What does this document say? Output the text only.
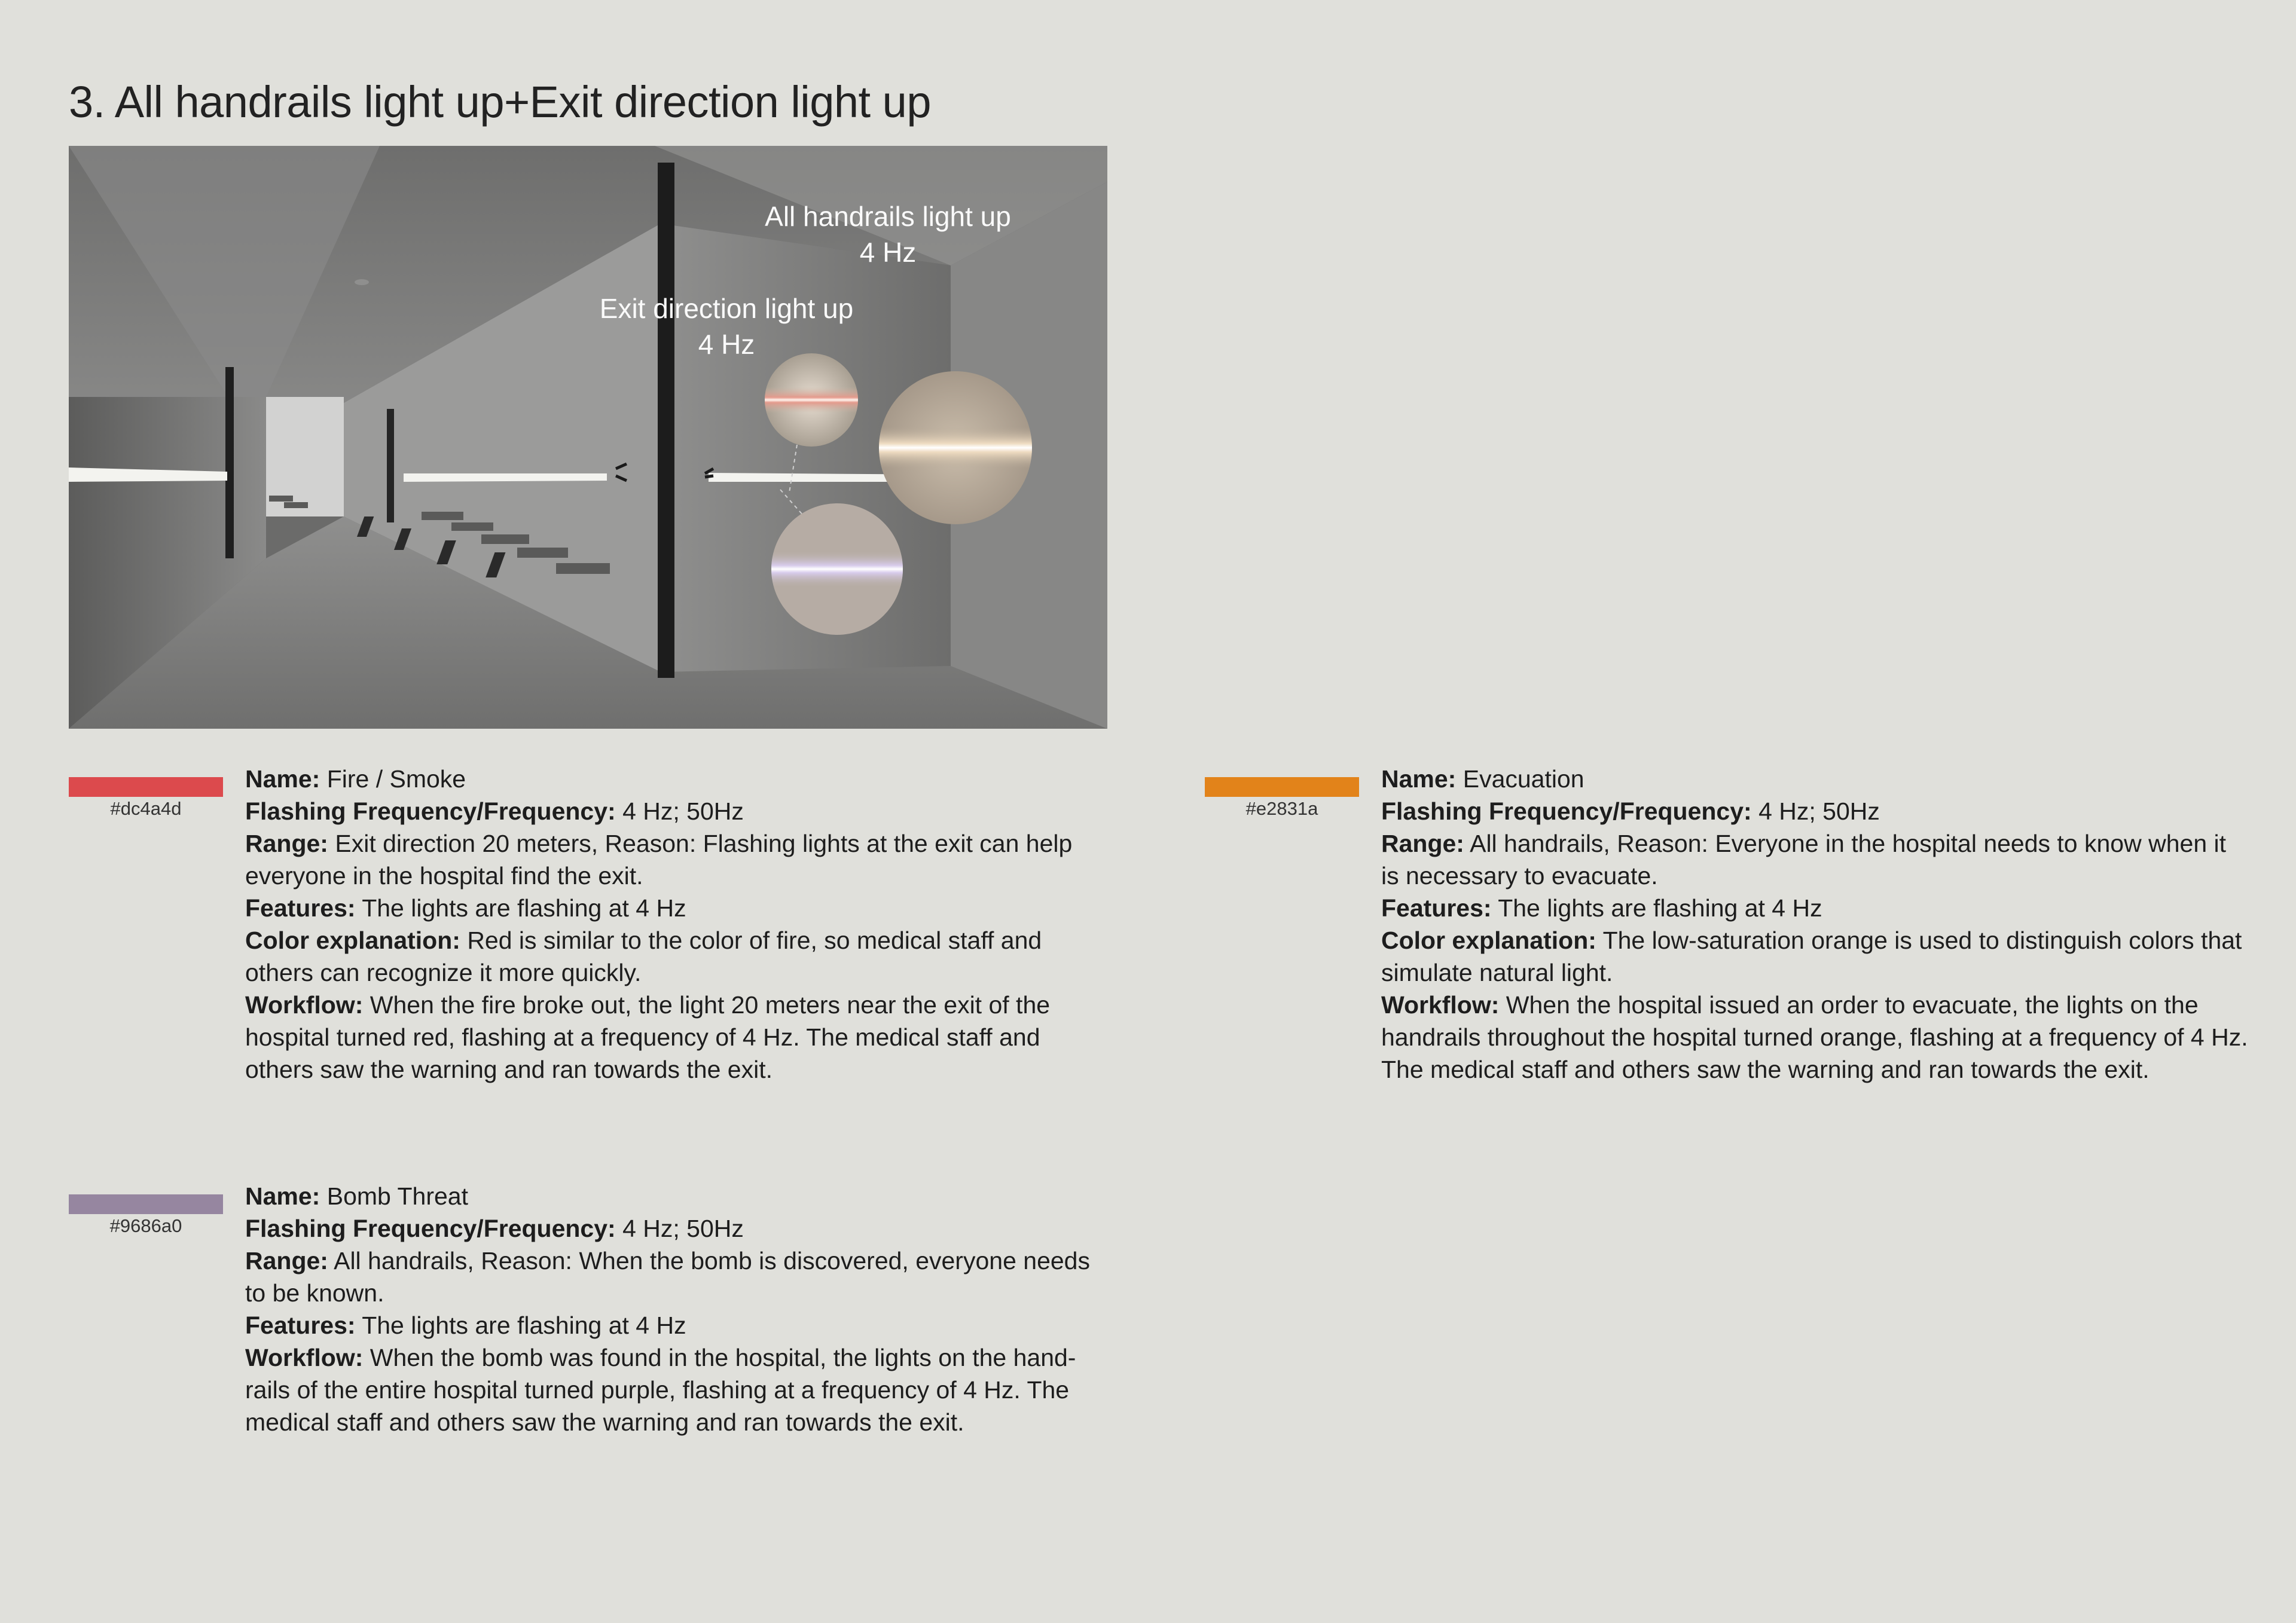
3. All handrails light up+Exit direction light up
All handrails light up
4 Hz
Exit direction light up
4 Hz
#dc4a4d

Name: Fire / Smoke

Flashing Frequency/Frequency: 4 Hz; 50Hz

Range: Exit direction 20 meters, Reason: Flashing lights at the exit can help everyone in the hospital find the exit.

Features: The lights are flashing at 4 Hz

Color explanation: Red is similar to the color of fire, so medical staff and others can recognize it more quickly.

Workflow: When the fire broke out, the light 20 meters near the exit of the hospital turned red, flashing at a frequency of 4 Hz. The medical staff and others saw the warning and ran towards the exit.

#e2831a

Name: Evacuation

Flashing Frequency/Frequency: 4 Hz; 50Hz

Range: All handrails, Reason: Everyone in the hospital needs to know when it is necessary to evacuate.

Features: The lights are flashing at 4 Hz

Color explanation: The low-saturation orange is used to distinguish colors that simulate natural light.

Workflow: When the hospital issued an order to evacuate, the lights on the handrails throughout the hospital turned orange, flashing at a frequency of 4 Hz. The medical staff and others saw the warning and ran towards the exit.

#9686a0

Name: Bomb Threat

Flashing Frequency/Frequency: 4 Hz; 50Hz

Range: All handrails, Reason: When the bomb is discovered, everyone needs to be known.

Features: The lights are flashing at 4 Hz

Workflow: When the bomb was found in the hospital, the lights on the hand-rails of the entire hospital turned purple, flashing at a frequency of 4 Hz. The medical staff and others saw the warning and ran towards the exit.
